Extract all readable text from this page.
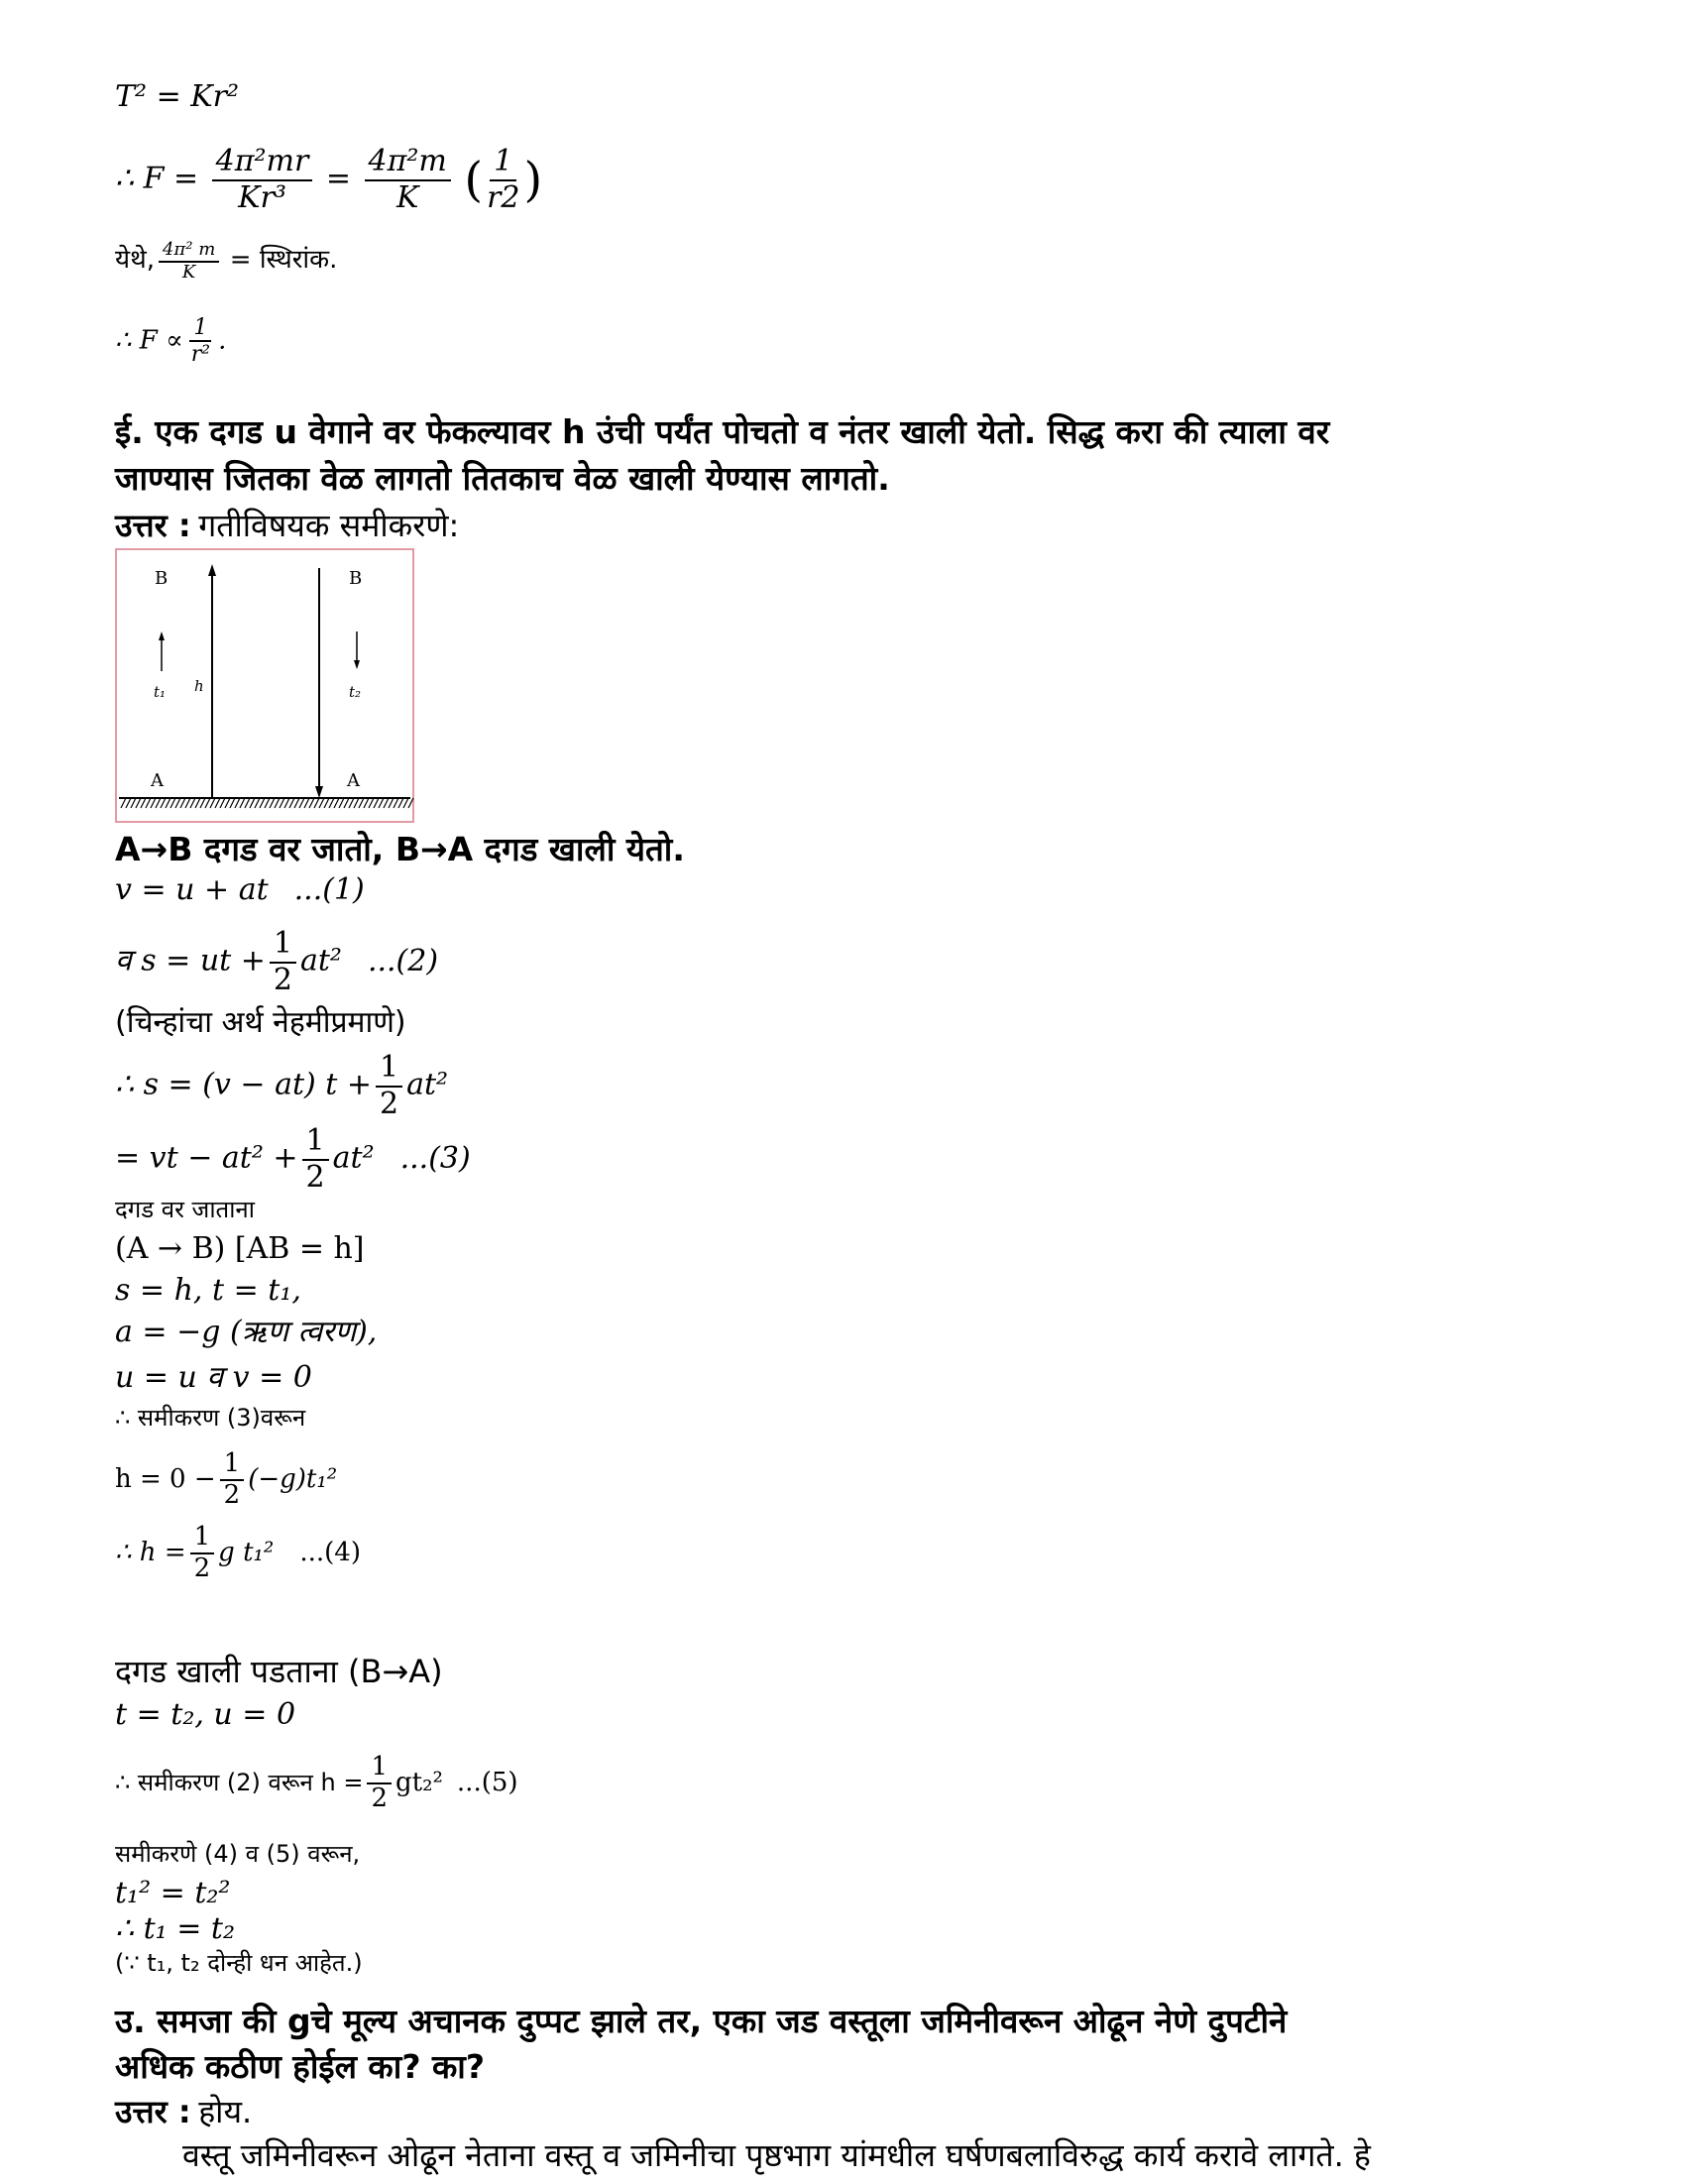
T² = Kr²
∴ $F = \frac{\text{4π²mr}}{\text{Kr³}} = \frac{\text{4π²m}}{K}$ ( $\frac{1}{r2}$ )
येथे, $\frac{\text{4π² m}}{K}$ = स्थिरांक.
∴ $F \propto \frac{1}{\text{r²}}$ .
ई. एक दगड u वेगाने वर फेकल्यावर h उंची पर्यंत पोचतो व नंतर खाली येतो. सिद्ध करा की त्याला वर
जाण्यास जितका वेळ लागतो तितकाच वेळ खाली येण्यास लागतो.
उत्तर : गतीविषयक समीकरणे:
B	B
t₁ h	t₂
A	A
A→B दगड वर जातो, B→A दगड खाली येतो.
v = u + at ...(1)
व s = ut + $\frac{1}{2} at^2$ ...(2)
(चिन्हांचा अर्थ नेहमीप्रमाणे)
∴ s = (v − at) $t + \frac{1}{2} at^2$
= vt − $at^2 + \frac{1}{2} at^2$ ...(3)
दगड वर जाताना
(A → B) [AB = h]
s = h, t = t₁,
a = −g (ऋण त्वरण),
u = u व v = 0
∴ समीकरण (3)वरून
$h = 0 - \frac{1}{2} (-g)t_1^2$
∴ $h = \frac{1}{2}$ g t₁² ...(4)
दगड खाली पडताना (B→A)
t = t₂, u = 0
∴ समीकरण (2) वरून $h = \frac{1}{2} gt_2^2$ ...(5)
समीकरणे (4) व (5) वरून,
t₁² = t₂²
∴ t₁ = t₂
(∵ t₁, t₂ दोन्ही धन आहेत.)
उ. समजा की gचे मूल्य अचानक दुप्पट झाले तर, एका जड वस्तूला जमिनीवरून ओढून नेणे दुपटीने
अधिक कठीण होईल का? का?
उत्तर : होय.
वस्तू जमिनीवरून ओढून नेताना वस्तू व जमिनीचा पृष्ठभाग यांमधील घर्षणबलाविरुद्ध कार्य करावे लागते. हे
